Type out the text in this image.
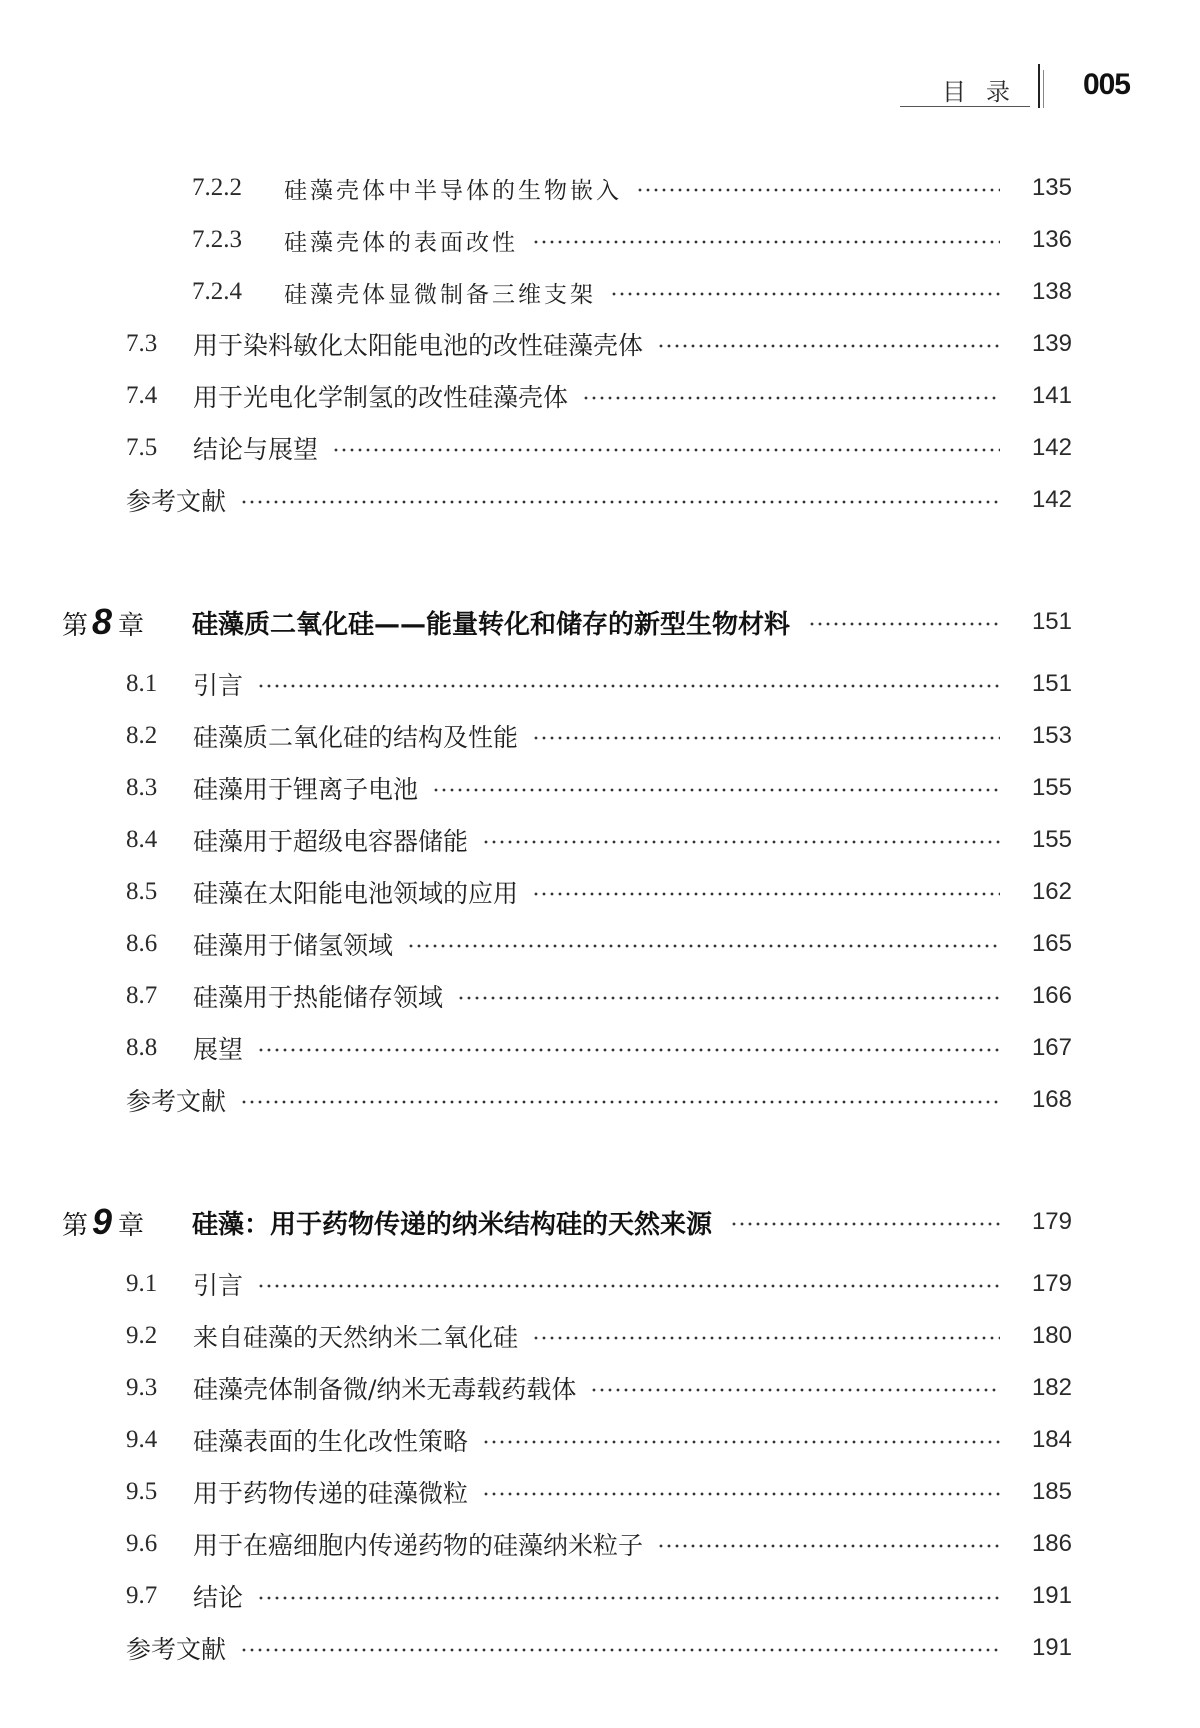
目录 005
7.2.2	硅藻壳体中半导体的生物嵌入	135
7.2.3	硅藻壳体的表面改性	136
7.2.4	硅藻壳体显微制备三维支架	138
7.3	用于染料敏化太阳能电池的改性硅藻壳体	139
7.4	用于光电化学制氢的改性硅藻壳体	141
7.5	结论与展望	142
参考文献	142
第 8 章 硅藻质二氧化硅——能量转化和储存的新型生物材料	151
8.1	引言	151
8.2	硅藻质二氧化硅的结构及性能	153
8.3	硅藻用于锂离子电池	155
8.4	硅藻用于超级电容器储能	155
8.5	硅藻在太阳能电池领域的应用	162
8.6	硅藻用于储氢领域	165
8.7	硅藻用于热能储存领域	166
8.8	展望	167
参考文献	168
第 9 章 硅藻：用于药物传递的纳米结构硅的天然来源	179
9.1	引言	179
9.2	来自硅藻的天然纳米二氧化硅	180
9.3	硅藻壳体制备微/纳米无毒载药载体	182
9.4	硅藻表面的生化改性策略	184
9.5	用于药物传递的硅藻微粒	185
9.6	用于在癌细胞内传递药物的硅藻纳米粒子	186
9.7	结论	191
参考文献	191
